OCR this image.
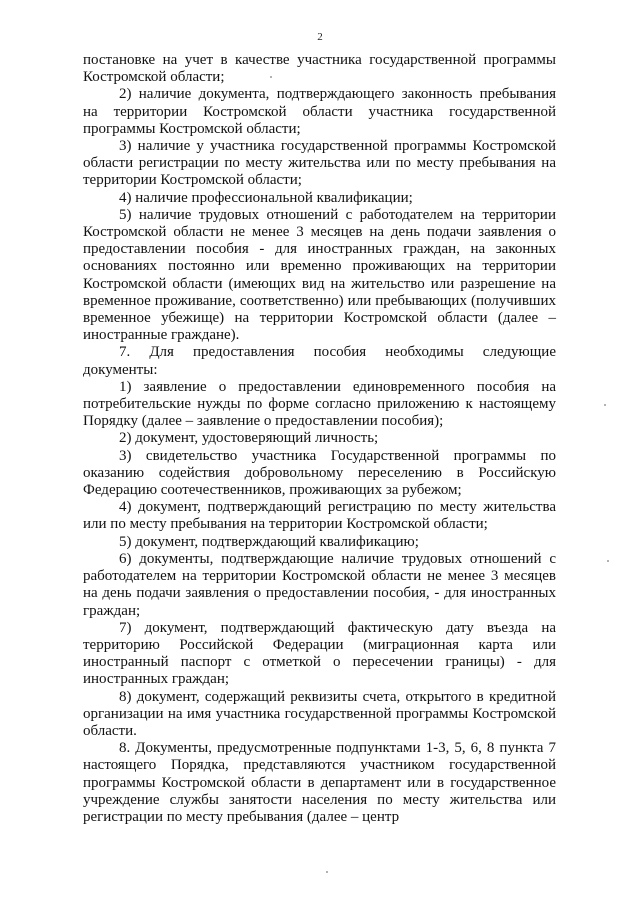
2

постановке на учет в качестве участника государственной программы Костромской области;

2) наличие документа, подтверждающего законность пребывания на территории Костромской области участника государственной программы Костромской области;

3) наличие у участника государственной программы Костромской области регистрации по месту жительства или по месту пребывания на территории Костромской области;

4) наличие профессиональной квалификации;

5) наличие трудовых отношений с работодателем на территории Костромской области не менее 3 месяцев на день подачи заявления о предоставлении пособия - для иностранных граждан, на законных основаниях постоянно или временно проживающих на территории Костромской области (имеющих вид на жительство или разрешение на временное проживание, соответственно) или пребывающих (получивших временное убежище) на территории Костромской области (далее – иностранные граждане).

7. Для предоставления пособия необходимы следующие документы:

1) заявление о предоставлении единовременного пособия на потребительские нужды по форме согласно приложению к настоящему Порядку (далее – заявление о предоставлении пособия);

2) документ, удостоверяющий личность;

3) свидетельство участника Государственной программы по оказанию содействия добровольному переселению в Российскую Федерацию соотечественников, проживающих за рубежом;

4) документ, подтверждающий регистрацию по месту жительства или по месту пребывания на территории Костромской области;

5) документ, подтверждающий квалификацию;

6) документы, подтверждающие наличие трудовых отношений с работодателем на территории Костромской области не менее 3 месяцев на день подачи заявления о предоставлении пособия, - для иностранных граждан;

7) документ, подтверждающий фактическую дату въезда на территорию Российской Федерации (миграционная карта или иностранный паспорт с отметкой о пересечении границы) - для иностранных граждан;

8) документ, содержащий реквизиты счета, открытого в кредитной организации на имя участника государственной программы Костромской области.

8. Документы, предусмотренные подпунктами 1-3, 5, 6, 8 пункта 7 настоящего Порядка, представляются участником государственной программы Костромской области в департамент или в государственное учреждение службы занятости населения по месту жительства или регистрации по месту пребывания (далее – центр
